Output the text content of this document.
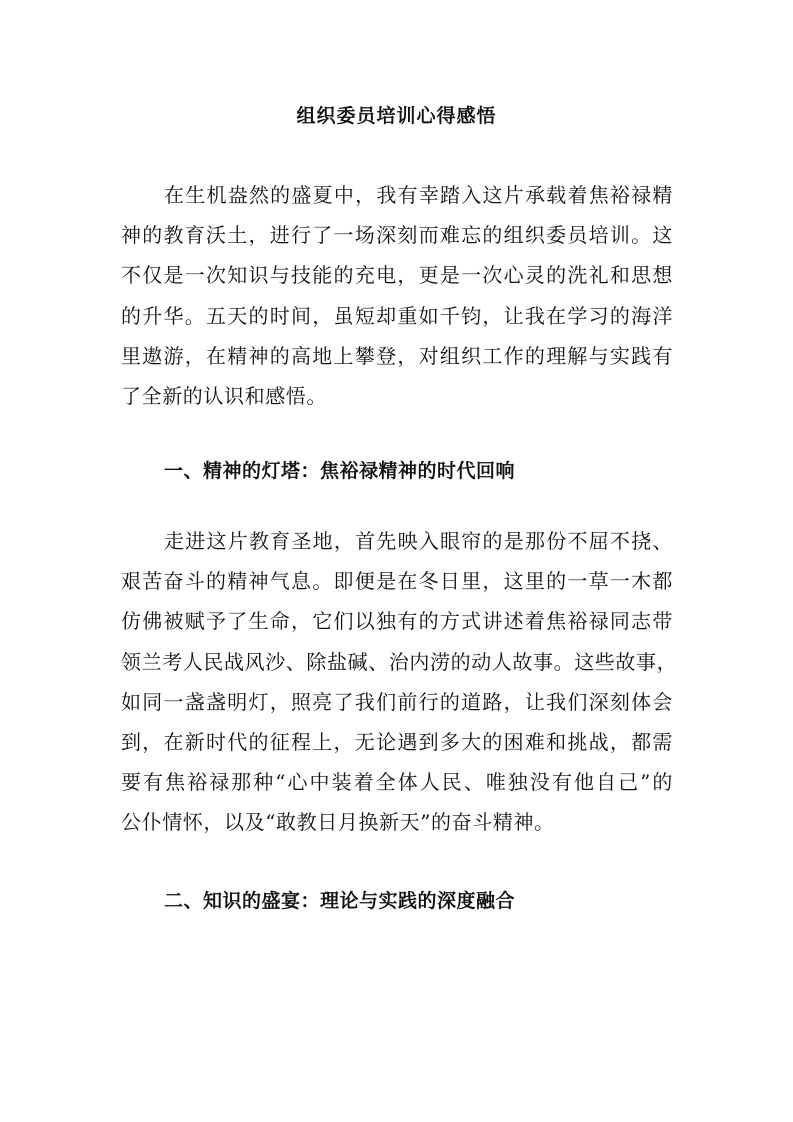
组织委员培训心得感悟
在生机盎然的盛夏中，我有幸踏入这片承载着焦裕禄精
神的教育沃土，进行了一场深刻而难忘的组织委员培训。这
不仅是一次知识与技能的充电，更是一次心灵的洗礼和思想
的升华。五天的时间，虽短却重如千钧，让我在学习的海洋
里遨游，在精神的高地上攀登，对组织工作的理解与实践有
了全新的认识和感悟。
一、精神的灯塔：焦裕禄精神的时代回响
走进这片教育圣地，首先映入眼帘的是那份不屈不挠、
艰苦奋斗的精神气息。即便是在冬日里，这里的一草一木都
仿佛被赋予了生命，它们以独有的方式讲述着焦裕禄同志带
领兰考人民战风沙、除盐碱、治内涝的动人故事。这些故事，
如同一盏盏明灯，照亮了我们前行的道路，让我们深刻体会
到，在新时代的征程上，无论遇到多大的困难和挑战，都需
要有焦裕禄那种“心中装着全体人民、唯独没有他自己”的
公仆情怀，以及“敢教日月换新天”的奋斗精神。
二、知识的盛宴：理论与实践的深度融合
